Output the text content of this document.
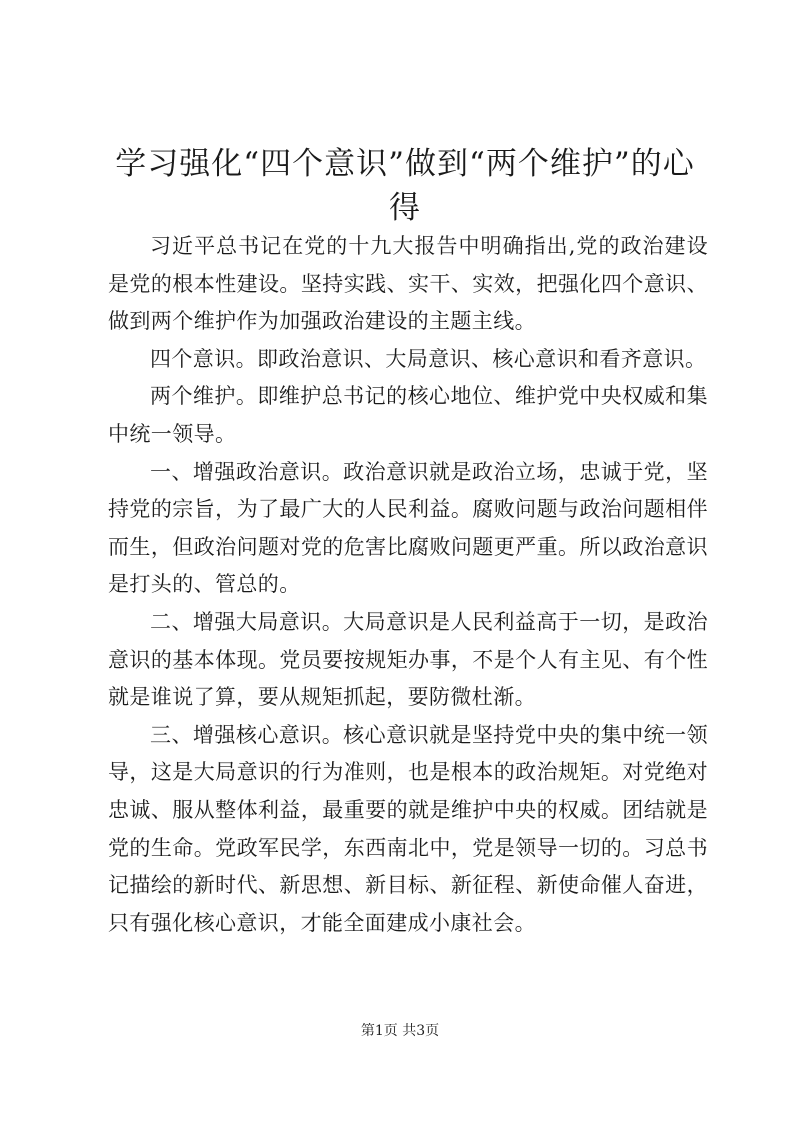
学习强化“四个意识”做到“两个维护”的心得

习近平总书记在党的十九大报告中明确指出,党的政治建设是党的根本性建设。坚持实践、实干、实效，把强化四个意识、做到两个维护作为加强政治建设的主题主线。

四个意识。即政治意识、大局意识、核心意识和看齐意识。

两个维护。即维护总书记的核心地位、维护党中央权威和集中统一领导。

一、增强政治意识。政治意识就是政治立场，忠诚于党，坚持党的宗旨，为了最广大的人民利益。腐败问题与政治问题相伴而生，但政治问题对党的危害比腐败问题更严重。所以政治意识是打头的、管总的。

二、增强大局意识。大局意识是人民利益高于一切，是政治意识的基本体现。党员要按规矩办事，不是个人有主见、有个性就是谁说了算，要从规矩抓起，要防微杜渐。

三、增强核心意识。核心意识就是坚持党中央的集中统一领导，这是大局意识的行为准则，也是根本的政治规矩。对党绝对忠诚、服从整体利益，最重要的就是维护中央的权威。团结就是党的生命。党政军民学，东西南北中，党是领导一切的。习总书记描绘的新时代、新思想、新目标、新征程、新使命催人奋进，只有强化核心意识，才能全面建成小康社会。

第1页 共3页
